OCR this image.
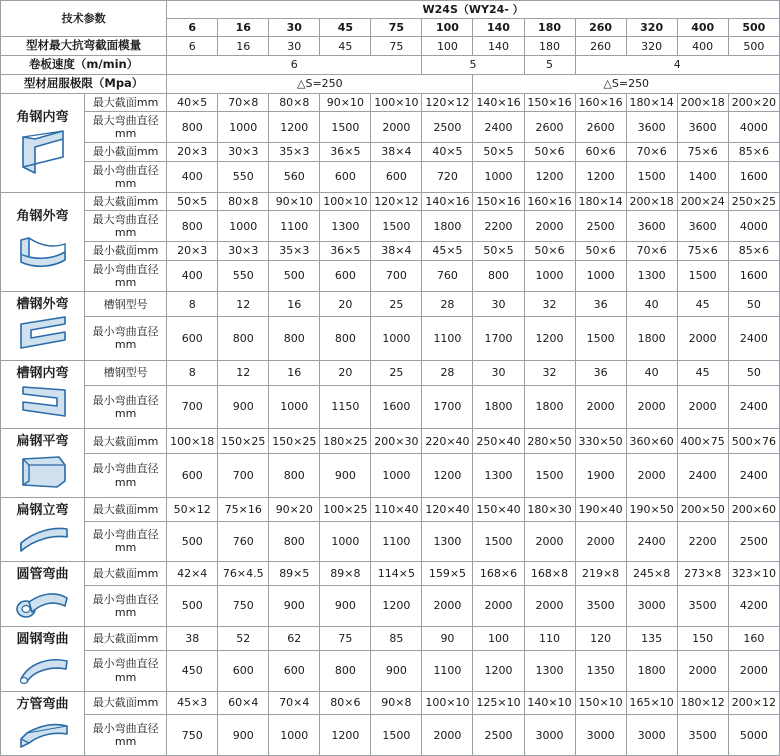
技术参数		W24S（WY24- ）											
		6	16	30	45	75	100	140	180	260	320	400	500
型材最大抗弯截面模量		6	16	30	45	75	100	140	180	260	320	400	500
卷板速度（m/min）		6					5		5	4			
型材屈服极限（Mpa）		△S=250						△S=250					

角钢内弯	最大截面mm	40×5	70×8	80×8	90×10	100×10	120×12	140×16	150×16	160×16	180×14	200×18	200×20
	最大弯曲直径mm	800	1000	1200	1500	2000	2500	2400	2600	2600	3600	3600	4000
	最小截面mm	20×3	30×3	35×3	36×5	38×4	40×5	50×5	50×6	60×6	70×6	75×6	85×6
	最小弯曲直径mm	400	550	560	600	600	720	1000	1200	1200	1500	1400	1600

角钢外弯	最大截面mm	50×5	80×8	90×10	100×10	120×12	140×16	150×16	160×16	180×14	200×18	200×24	250×25
	最大弯曲直径mm	800	1000	1100	1300	1500	1800	2200	2000	2500	3600	3600	4000
	最小截面mm	20×3	30×3	35×3	36×5	38×4	45×5	50×5	50×6	50×6	70×6	75×6	85×6
	最小弯曲直径mm	400	550	500	600	700	760	800	1000	1000	1300	1500	1600

槽钢外弯	槽钢型号	8	12	16	20	25	28	30	32	36	40	45	50
	最小弯曲直径mm	600	800	800	800	1000	1100	1700	1200	1500	1800	2000	2400

槽钢内弯	槽钢型号	8	12	16	20	25	28	30	32	36	40	45	50
	最小弯曲直径mm	700	900	1000	1150	1600	1700	1800	1800	2000	2000	2000	2400

扁钢平弯	最大截面mm	100×18	150×25	150×25	180×25	200×30	220×40	250×40	280×50	330×50	360×60	400×75	500×76
	最小弯曲直径mm	600	700	800	900	1000	1200	1300	1500	1900	2000	2400	2400

扁钢立弯	最大截面mm	50×12	75×16	90×20	100×25	110×40	120×40	150×40	180×30	190×40	190×50	200×50	200×60
	最小弯曲直径mm	500	760	800	1000	1100	1300	1500	2000	2000	2400	2200	2500

圆管弯曲	最大截面mm	42×4	76×4.5	89×5	89×8	114×5	159×5	168×6	168×8	219×8	245×8	273×8	323×10
	最小弯曲直径mm	500	750	900	900	1200	2000	2000	2000	3500	3000	3500	4200

圆钢弯曲	最大截面mm	38	52	62	75	85	90	100	110	120	135	150	160
	最小弯曲直径mm	450	600	600	800	900	1100	1200	1300	1350	1800	2000	2000

方管弯曲	最大截面mm	45×3	60×4	70×4	80×6	90×8	100×10	125×10	140×10	150×10	165×10	180×12	200×12
	最小弯曲直径mm	750	900	1000	1200	1500	2000	2500	3000	3000	3000	3500	5000
